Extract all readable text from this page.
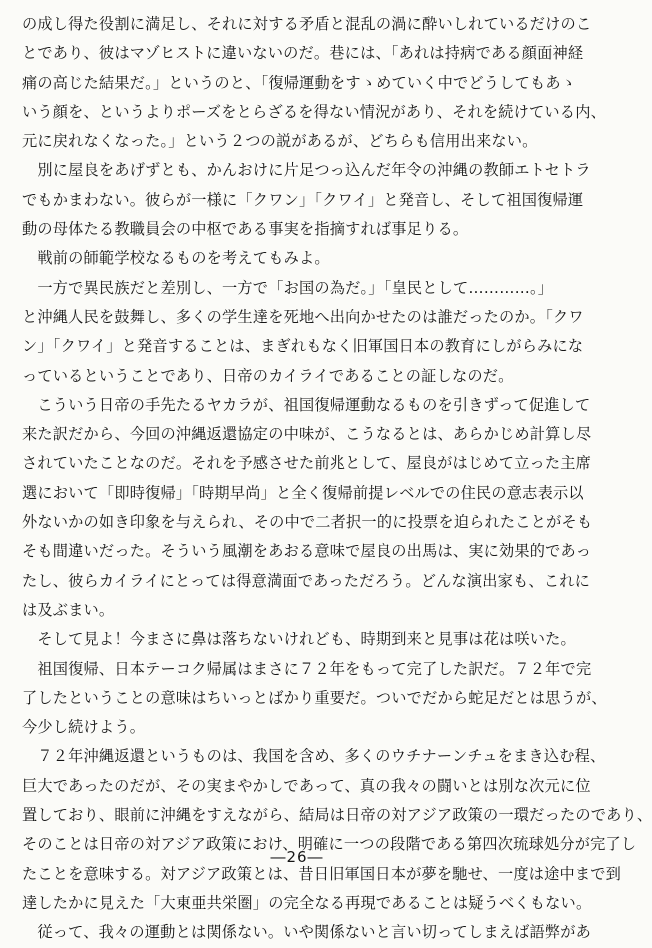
の成し得た役割に満足し、それに対する矛盾と混乱の渦に酔いしれているだけのこ
とであり、彼はマゾヒストに違いないのだ。巷には、「あれは持病である顔面神経
痛の高じた結果だ。」というのと、「復帰運動をすゝめていく中でどうしてもあゝ
いう顔を、というよりポーズをとらざるを得ない情況があり、それを続けている内、
元に戻れなくなった。」という２つの説があるが、どちらも信用出来ない。
　別に屋良をあげずとも、かんおけに片足つっ込んだ年令の沖縄の教師エトセトラ
でもかまわない。彼らが一様に「クワン」「クワイ」と発音し、そして祖国復帰運
動の母体たる教職員会の中枢である事実を指摘すれば事足りる。
　戦前の師範学校なるものを考えてもみよ。
　一方で異民族だと差別し、一方で「お国の為だ。」「皇民として…………。」
と沖縄人民を鼓舞し、多くの学生達を死地へ出向かせたのは誰だったのか。「クワ
ン」「クワイ」と発音することは、まぎれもなく旧軍国日本の教育にしがらみにな
っているということであり、日帝のカイライであることの証しなのだ。
　こういう日帝の手先たるヤカラが、祖国復帰運動なるものを引きずって促進して
来た訳だから、今回の沖縄返還協定の中味が、こうなるとは、あらかじめ計算し尽
されていたことなのだ。それを予感させた前兆として、屋良がはじめて立った主席
選において「即時復帰」「時期早尚」と全く復帰前提レベルでの住民の意志表示以
外ないかの如き印象を与えられ、その中で二者択一的に投票を迫られたことがそも
そも間違いだった。そういう風潮をあおる意味で屋良の出馬は、実に効果的であっ
たし、彼らカイライにとっては得意満面であっただろう。どんな演出家も、これに
は及ぶまい。
　そして見よ！今まさに鼻は落ちないけれども、時期到来と見事は花は咲いた。
　祖国復帰、日本テーコク帰属はまさに７２年をもって完了した訳だ。７２年で完
了したということの意味はちいっとばかり重要だ。ついでだから蛇足だとは思うが、
今少し続けよう。
　７２年沖縄返還というものは、我国を含め、多くのウチナーンチュをまき込む程、
巨大であったのだが、その実まやかしであって、真の我々の闘いとは別な次元に位
置しており、眼前に沖縄をすえながら、結局は日帝の対アジア政策の一環だったのであり、
そのことは日帝の対アジア政策におけ、明確に一つの段階である第四次琉球処分が完了し
たことを意味する。対アジア政策とは、昔日旧軍国日本が夢を馳せ、一度は途中まで到
達したかに見えた「大東亜共栄圏」の完全なる再現であることは疑うべくもない。
　従って、我々の運動とは関係ない。いや関係ないと言い切ってしまえば語弊があ
―26―
